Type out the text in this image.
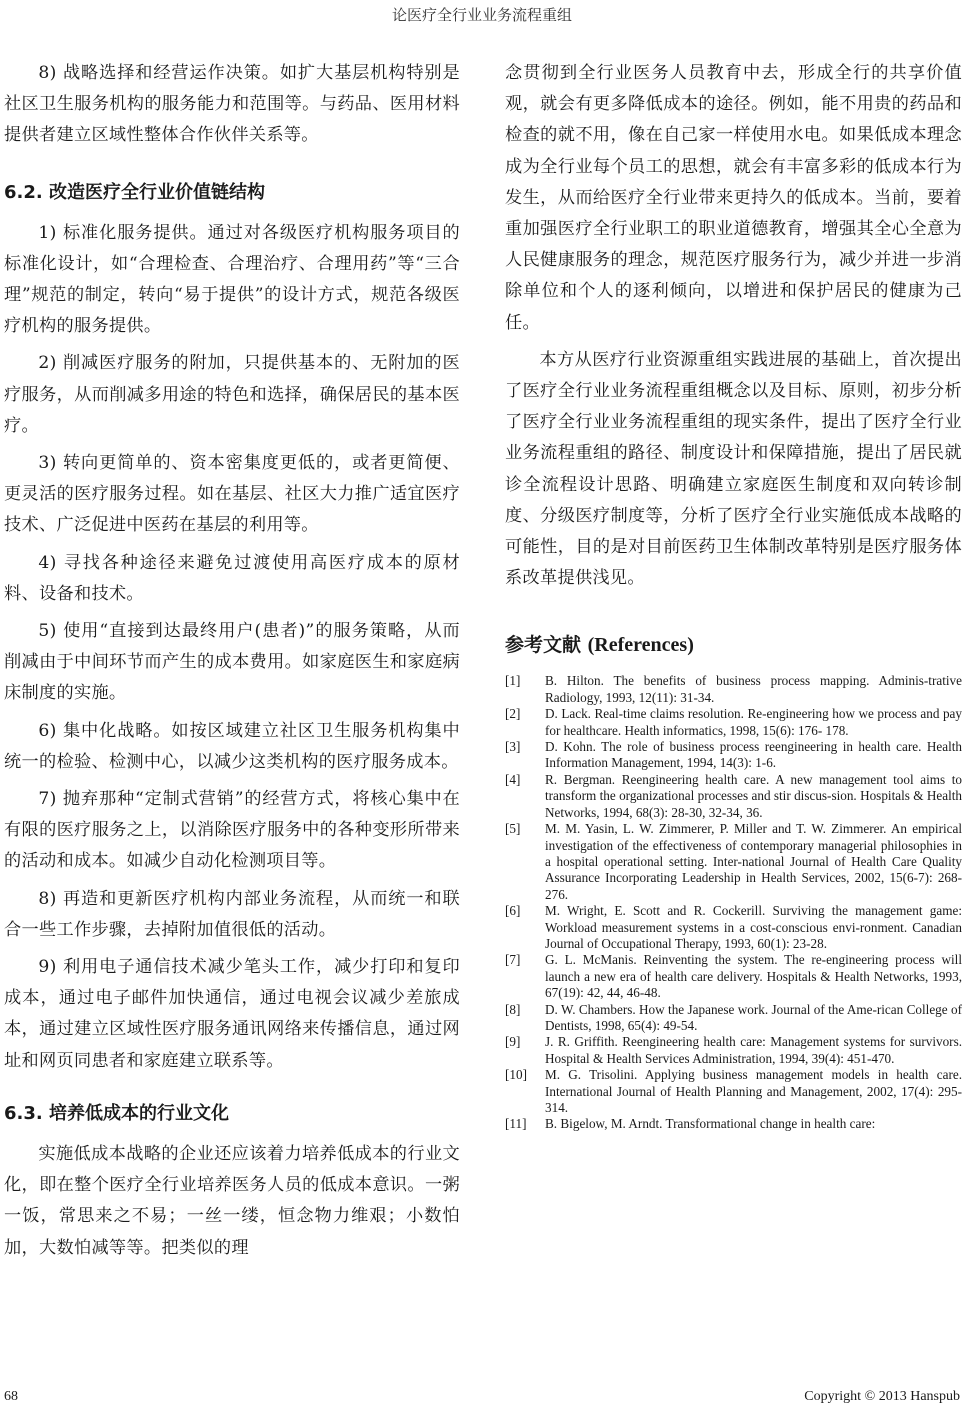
论医疗全行业业务流程重组

8) 战略选择和经营运作决策。如扩大基层机构特别是社区卫生服务机构的服务能力和范围等。与药品、医用材料提供者建立区域性整体合作伙伴关系等。

6.2. 改造医疗全行业价值链结构

1) 标准化服务提供。通过对各级医疗机构服务项目的标准化设计，如“合理检查、合理治疗、合理用药”等“三合理”规范的制定，转向“易于提供”的设计方式，规范各级医疗机构的服务提供。

2) 削减医疗服务的附加，只提供基本的、无附加的医疗服务，从而削减多用途的特色和选择，确保居民的基本医疗。

3) 转向更简单的、资本密集度更低的，或者更简便、更灵活的医疗服务过程。如在基层、社区大力推广适宜医疗技术、广泛促进中医药在基层的利用等。

4) 寻找各种途径来避免过渡使用高医疗成本的原材料、设备和技术。

5) 使用“直接到达最终用户(患者)”的服务策略，从而削减由于中间环节而产生的成本费用。如家庭医生和家庭病床制度的实施。

6) 集中化战略。如按区域建立社区卫生服务机构集中统一的检验、检测中心，以减少这类机构的医疗服务成本。

7) 抛弃那种“定制式营销”的经营方式，将核心集中在有限的医疗服务之上，以消除医疗服务中的各种变形所带来的活动和成本。如减少自动化检测项目等。

8) 再造和更新医疗机构内部业务流程，从而统一和联合一些工作步骤，去掉附加值很低的活动。

9) 利用电子通信技术减少笔头工作，减少打印和复印成本，通过电子邮件加快通信，通过电视会议减少差旅成本，通过建立区域性医疗服务通讯网络来传播信息，通过网址和网页同患者和家庭建立联系等。

6.3. 培养低成本的行业文化

实施低成本战略的企业还应该着力培养低成本的行业文化，即在整个医疗全行业培养医务人员的低成本意识。一粥一饭，常思来之不易；一丝一缕，恒念物力维艰；小数怕加，大数怕减等等。把类似的理

念贯彻到全行业医务人员教育中去，形成全行的共享价值观，就会有更多降低成本的途径。例如，能不用贵的药品和检查的就不用，像在自己家一样使用水电。如果低成本理念成为全行业每个员工的思想，就会有丰富多彩的低成本行为发生，从而给医疗全行业带来更持久的低成本。当前，要着重加强医疗全行业职工的职业道德教育，增强其全心全意为人民健康服务的理念，规范医疗服务行为，减少并进一步消除单位和个人的逐利倾向，以增进和保护居民的健康为己任。

本方从医疗行业资源重组实践进展的基础上，首次提出了医疗全行业业务流程重组概念以及目标、原则，初步分析了医疗全行业业务流程重组的现实条件，提出了医疗全行业业务流程重组的路径、制度设计和保障措施，提出了居民就诊全流程设计思路、明确建立家庭医生制度和双向转诊制度、分级医疗制度等，分析了医疗全行业实施低成本战略的可能性，目的是对目前医药卫生体制改革特别是医疗服务体系改革提供浅见。

参考文献 (References)
[1]	B. Hilton. The benefits of business process mapping. Adminis-trative Radiology, 1993, 12(11): 31-34.
[2]	D. Lack. Real-time claims resolution. Re-engineering how we process and pay for healthcare. Health informatics, 1998, 15(6): 176- 178.
[3]	D. Kohn. The role of business process reengineering in health care. Health Information Management, 1994, 14(3): 1-6.
[4]	R. Bergman. Reengineering health care. A new management tool aims to transform the organizational processes and stir discus-sion. Hospitals & Health Networks, 1994, 68(3): 28-30, 32-34, 36.
[5]	M. M. Yasin, L. W. Zimmerer, P. Miller and T. W. Zimmerer. An empirical investigation of the effectiveness of contemporary managerial philosophies in a hospital operational setting. Inter-national Journal of Health Care Quality Assurance Incorporating Leadership in Health Services, 2002, 15(6-7): 268-276.
[6]	M. Wright, E. Scott and R. Cockerill. Surviving the management game: Workload measurement systems in a cost-conscious envi-ronment. Canadian Journal of Occupational Therapy, 1993, 60(1): 23-28.
[7]	G. L. McManis. Reinventing the system. The re-engineering process will launch a new era of health care delivery. Hospitals & Health Networks, 1993, 67(19): 42, 44, 46-48.
[8]	D. W. Chambers. How the Japanese work. Journal of the Ame-rican College of Dentists, 1998, 65(4): 49-54.
[9]	J. R. Griffith. Reengineering health care: Management systems for survivors. Hospital & Health Services Administration, 1994, 39(4): 451-470.
[10]	M. G. Trisolini. Applying business management models in health care. International Journal of Health Planning and Management, 2002, 17(4): 295-314.
[11]	B. Bigelow, M. Arndt. Transformational change in health care:
68	Copyright © 2013 Hanspub
